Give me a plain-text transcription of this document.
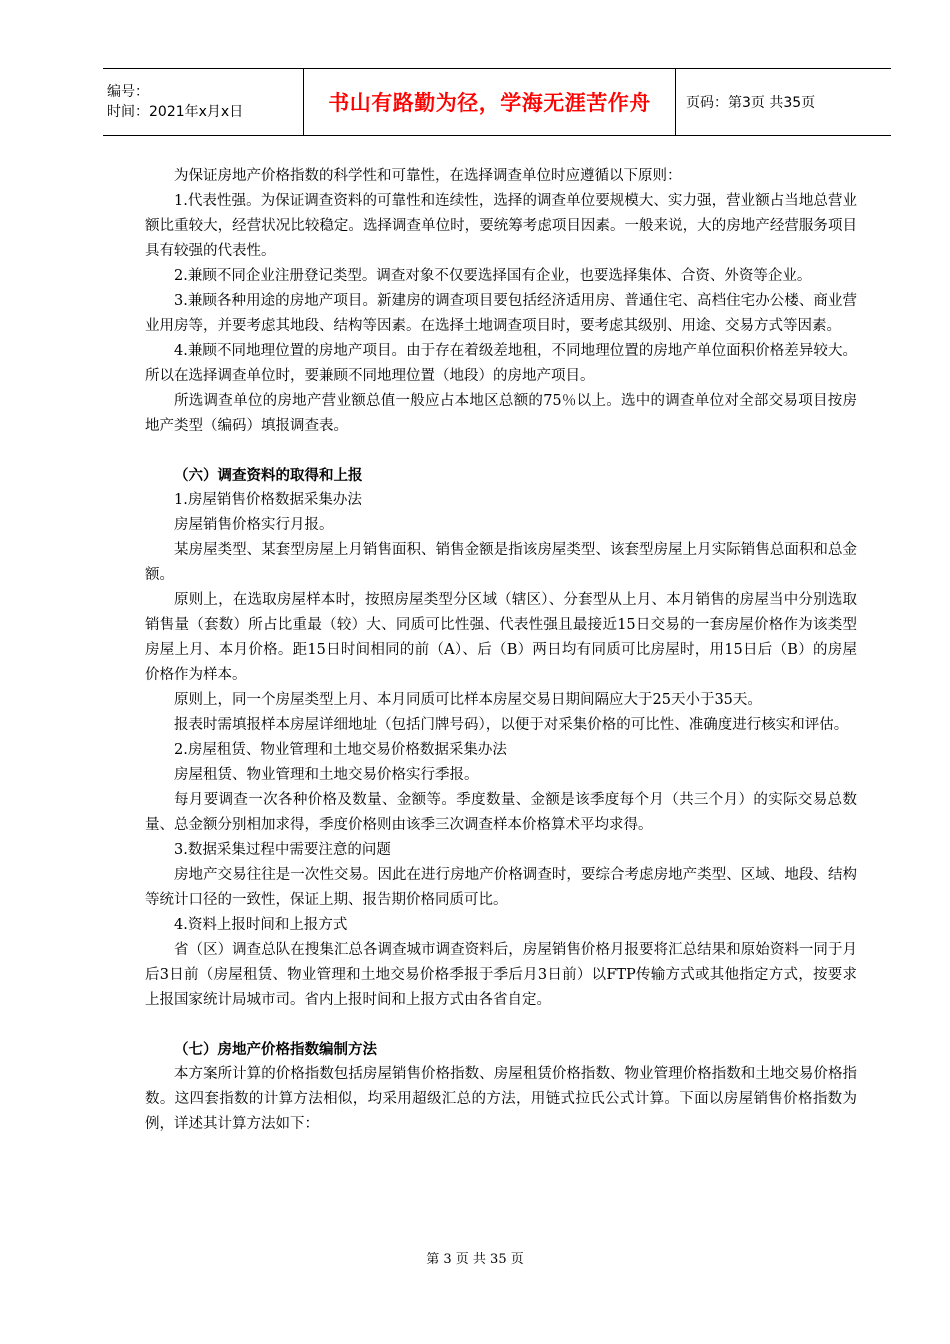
编号：
时间：2021年x月x日	书山有路勤为径，学海无涯苦作舟	页码：第3页 共35页

为保证房地产价格指数的科学性和可靠性，在选择调查单位时应遵循以下原则：

1.代表性强。为保证调查资料的可靠性和连续性，选择的调查单位要规模大、实力强，营业额占当地总营业额比重较大，经营状况比较稳定。选择调查单位时，要统筹考虑项目因素。一般来说，大的房地产经营服务项目具有较强的代表性。

2.兼顾不同企业注册登记类型。调查对象不仅要选择国有企业，也要选择集体、合资、外资等企业。

3.兼顾各种用途的房地产项目。新建房的调查项目要包括经济适用房、普通住宅、高档住宅办公楼、商业营业用房等，并要考虑其地段、结构等因素。在选择土地调查项目时，要考虑其级别、用途、交易方式等因素。

4.兼顾不同地理位置的房地产项目。由于存在着级差地租，不同地理位置的房地产单位面积价格差异较大。所以在选择调查单位时，要兼顾不同地理位置（地段）的房地产项目。

所选调查单位的房地产营业额总值一般应占本地区总额的75％以上。选中的调查单位对全部交易项目按房地产类型（编码）填报调查表。

（六）调查资料的取得和上报

1.房屋销售价格数据采集办法

房屋销售价格实行月报。

某房屋类型、某套型房屋上月销售面积、销售金额是指该房屋类型、该套型房屋上月实际销售总面积和总金额。

原则上，在选取房屋样本时，按照房屋类型分区域（辖区）、分套型从上月、本月销售的房屋当中分别选取销售量（套数）所占比重最（较）大、同质可比性强、代表性强且最接近15日交易的一套房屋价格作为该类型房屋上月、本月价格。距15日时间相同的前（A）、后（B）两日均有同质可比房屋时，用15日后（B）的房屋价格作为样本。

原则上，同一个房屋类型上月、本月同质可比样本房屋交易日期间隔应大于25天小于35天。

报表时需填报样本房屋详细地址（包括门牌号码），以便于对采集价格的可比性、准确度进行核实和评估。

2.房屋租赁、物业管理和土地交易价格数据采集办法

房屋租赁、物业管理和土地交易价格实行季报。

每月要调查一次各种价格及数量、金额等。季度数量、金额是该季度每个月（共三个月）的实际交易总数量、总金额分别相加求得，季度价格则由该季三次调查样本价格算术平均求得。

3.数据采集过程中需要注意的问题

房地产交易往往是一次性交易。因此在进行房地产价格调查时，要综合考虑房地产类型、区域、地段、结构等统计口径的一致性，保证上期、报告期价格同质可比。

4.资料上报时间和上报方式

省（区）调查总队在搜集汇总各调查城市调查资料后，房屋销售价格月报要将汇总结果和原始资料一同于月后3日前（房屋租赁、物业管理和土地交易价格季报于季后月3日前）以FTP传输方式或其他指定方式，按要求上报国家统计局城市司。省内上报时间和上报方式由各省自定。

（七）房地产价格指数编制方法

本方案所计算的价格指数包括房屋销售价格指数、房屋租赁价格指数、物业管理价格指数和土地交易价格指数。这四套指数的计算方法相似，均采用超级汇总的方法，用链式拉氏公式计算。下面以房屋销售价格指数为例，详述其计算方法如下：

第 3 页 共 35 页
